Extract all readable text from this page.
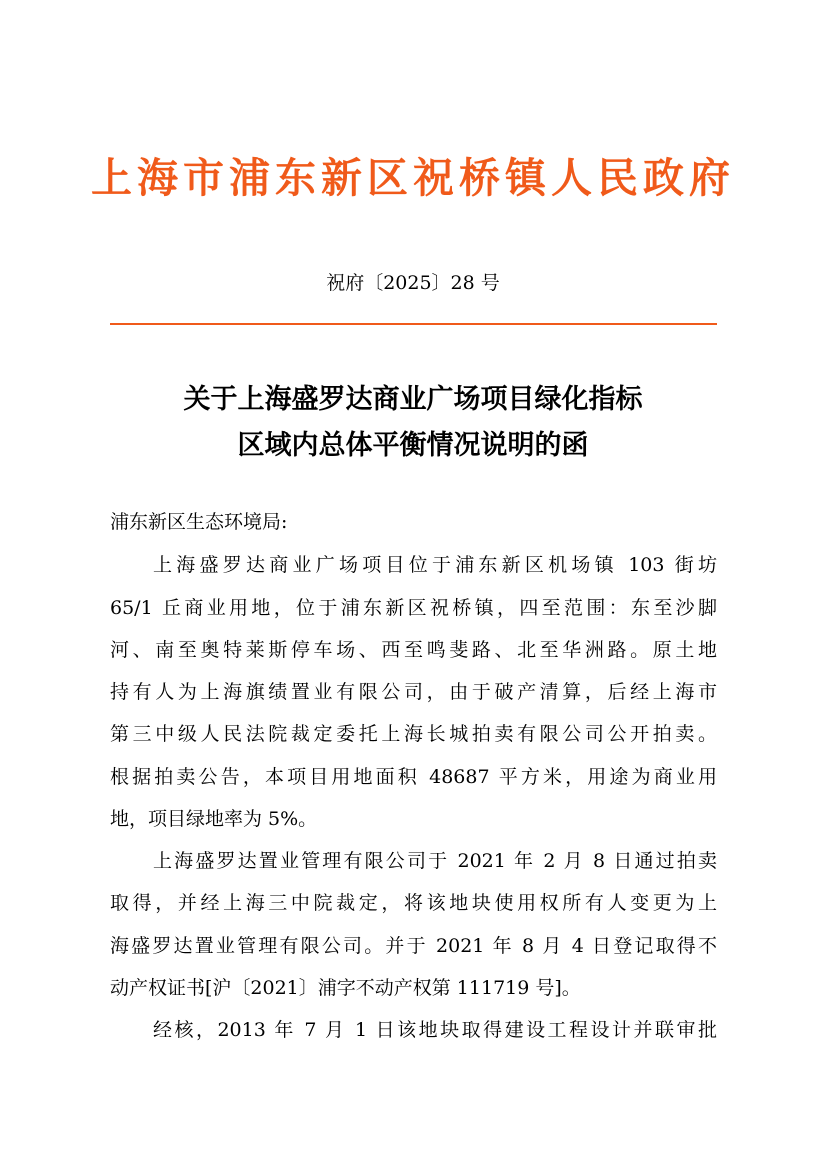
上海市浦东新区祝桥镇人民政府
祝府〔2025〕28 号
关于上海盛罗达商业广场项目绿化指标
区域内总体平衡情况说明的函
浦东新区生态环境局:
上海盛罗达商业广场项目位于浦东新区机场镇 103 街坊
65/1 丘商业用地，位于浦东新区祝桥镇，四至范围：东至沙脚
河、南至奥特莱斯停车场、西至鸣斐路、北至华洲路。原土地
持有人为上海旗绩置业有限公司，由于破产清算，后经上海市
第三中级人民法院裁定委托上海长城拍卖有限公司公开拍卖。
根据拍卖公告，本项目用地面积 48687 平方米，用途为商业用
地，项目绿地率为 5%。
上海盛罗达置业管理有限公司于 2021 年 2 月 8 日通过拍卖
取得，并经上海三中院裁定，将该地块使用权所有人变更为上
海盛罗达置业管理有限公司。并于 2021 年 8 月 4 日登记取得不
动产权证书[沪〔2021〕浦字不动产权第 111719 号]。
经核，2013 年 7 月 1 日该地块取得建设工程设计并联审批
